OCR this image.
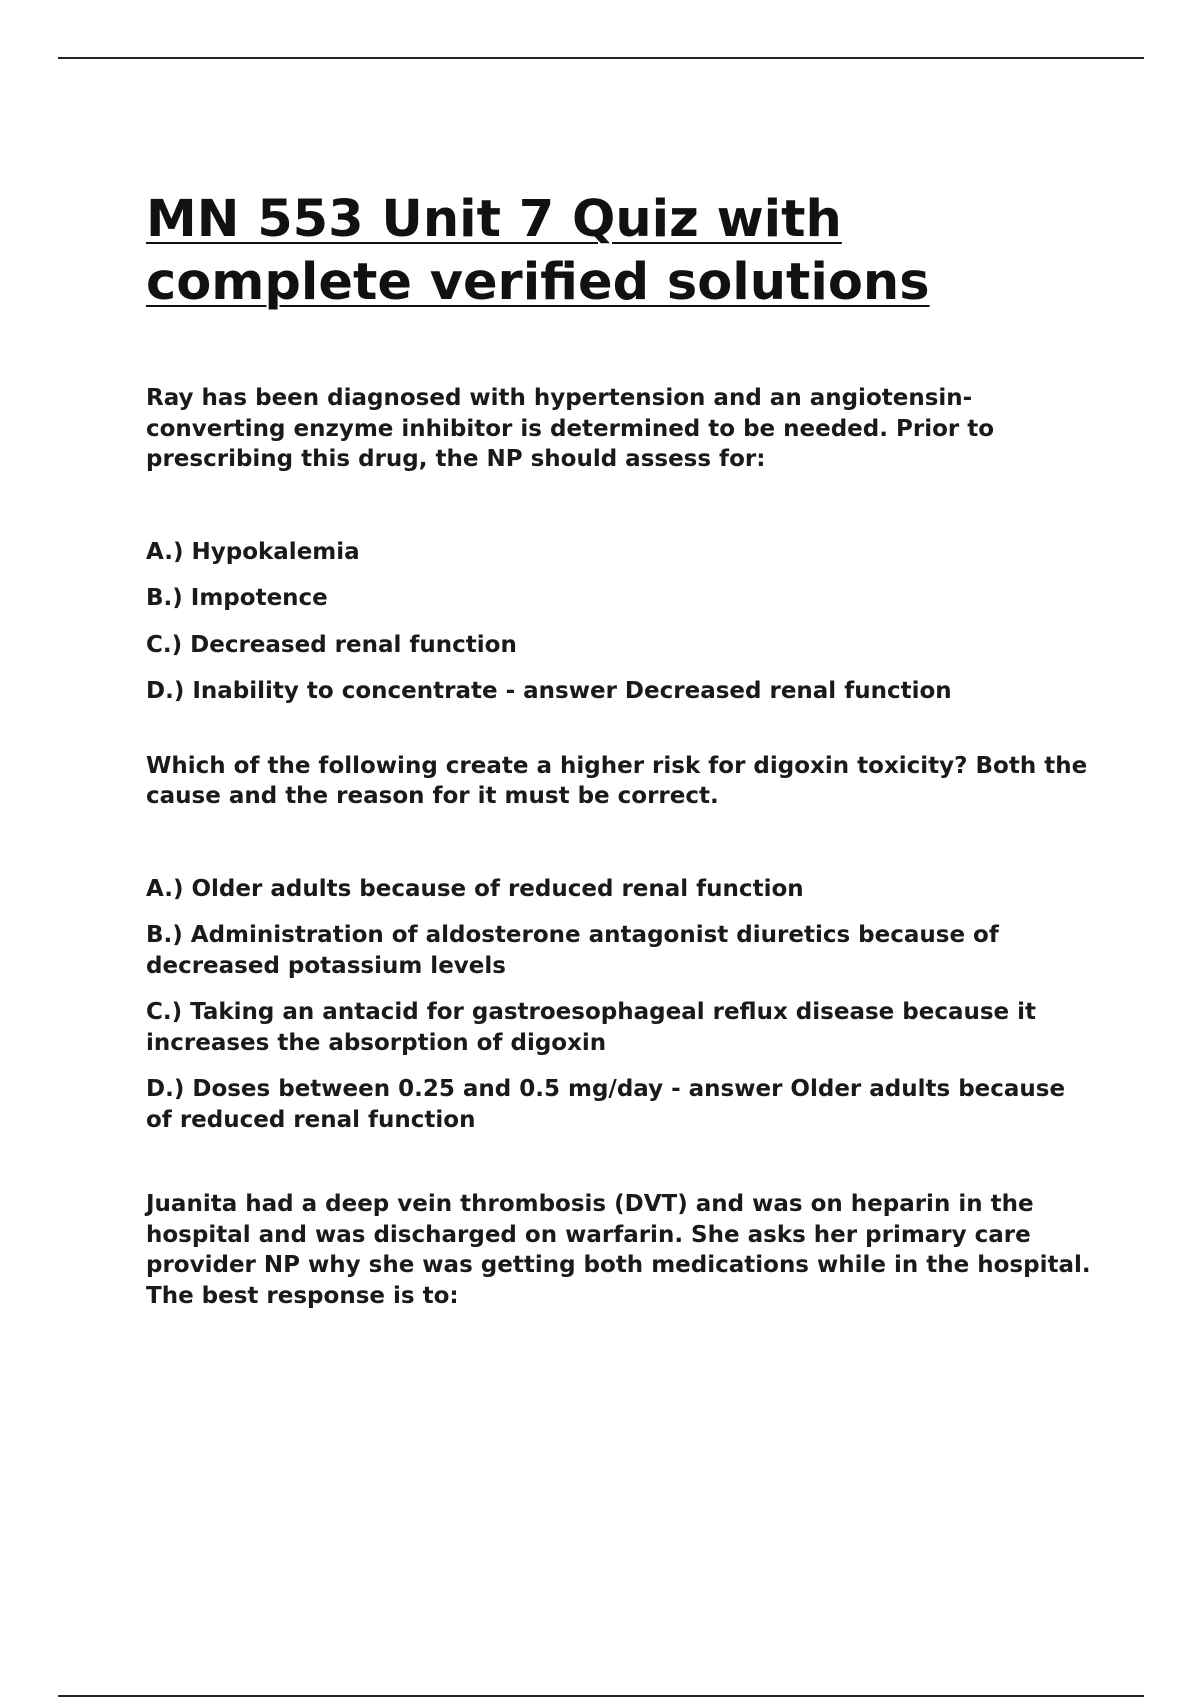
MN 553 Unit 7 Quiz with complete verified solutions

Ray has been diagnosed with hypertension and an angiotensin-converting enzyme inhibitor is determined to be needed. Prior to prescribing this drug, the NP should assess for:

A.) Hypokalemia
B.) Impotence
C.) Decreased renal function
D.) Inability to concentrate - answer Decreased renal function

Which of the following create a higher risk for digoxin toxicity? Both the cause and the reason for it must be correct.

A.) Older adults because of reduced renal function
B.) Administration of aldosterone antagonist diuretics because of decreased potassium levels
C.) Taking an antacid for gastroesophageal reflux disease because it increases the absorption of digoxin
D.) Doses between 0.25 and 0.5 mg/day - answer Older adults because of reduced renal function

Juanita had a deep vein thrombosis (DVT) and was on heparin in the hospital and was discharged on warfarin. She asks her primary care provider NP why she was getting both medications while in the hospital. The best response is to:
